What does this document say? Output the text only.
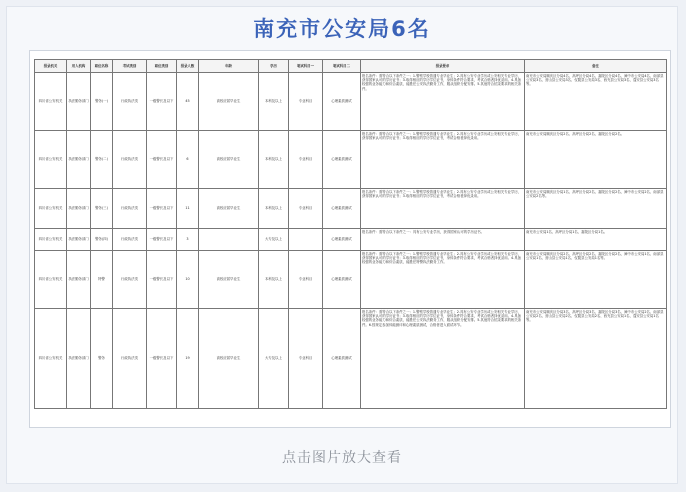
南充市公安局6名
招录机关	用人机构	职位名称	考试类别	职位类别	招录人数	年龄	学历	笔试科目一	笔试科目二	招录要求	备注
四川省公安机关	执法勤务部门	警务(一)	行政执法类	一级警长及以下	45	高校应届毕业生	本科及以上	专业科目	心理素质测试	报名条件：需符合以下条件之一：1.警察学校普通专业毕业生；2.具有公安专业学历或公安相关专业学历，获得国家认可的学历证书；3.取得相应的学历学位证书，身体条件符合要求，考试合格者择优录用。4.具备较强的业务能力和综合素质，能胜任公安执法勤务工作，服从组织分配安排。5.其他符合招录要求的相关条件。	南充市公安局顺庆区分局4名、高坪区分局4名、嘉陵区分局4名、阆中市公安局4名、南部县公安局3名、营山县公安局3名、仪陇县公安局3名、西充县公安局3名、蓬安县公安局3名等。
四川省公安机关	执法勤务部门	警务(二)	行政执法类	一级警长及以下	6	高校应届毕业生	本科及以上	专业科目	心理素质测试	报名条件：需符合以下条件之一：1.警察学校普通专业毕业生；2.具有公安专业学历或公安相关专业学历，获得国家认可的学历证书；3.取得相应的学历学位证书，考试合格者择优录用。	南充市公安局顺庆区分局2名、高坪区分局2名、嘉陵区分局2名。
四川省公安机关	执法勤务部门	警务(三)	行政执法类	一级警长及以下	11	高校应届毕业生	本科及以上	专业科目	心理素质测试	报名条件：需符合以下条件之一：1.警察学校普通专业毕业生；2.具有公安专业学历或公安相关专业学历，获得国家认可的学历证书；3.取得相应的学历学位证书，考试合格者择优录用。	南充市公安局顺庆区分局1名、高坪区分局2名、嘉陵区分局2名、阆中市公安局2名、南部县公安局2名等。
四川省公安机关	执法勤务部门	警务(四)	行政执法类	一级警长及以下	3		大专及以上		心理素质测试	报名条件：需符合以下条件之一：具有公安专业学历，获得国家认可的学历证书。	南充市公安局1名、高坪区分局1名、嘉陵区分局1名。
四川省公安机关	执法勤务部门	特警	行政执法类	一级警长及以下	10	高校应届毕业生	本科及以上	专业科目	心理素质测试	报名条件：需符合以下条件之一：1.警察学校普通专业毕业生；2.具有公安专业学历或公安相关专业学历，获得国家认可的学历证书；3.取得相应的学历学位证书，身体条件符合要求，考试合格者择优录用。4.具备较强的业务能力和综合素质，能胜任特警执法勤务工作。	南充市公安局顺庆区分局2名、高坪区分局2名、嘉陵区分局2名、阆中市公安局1名、南部县公安局1名、营山县公安局1名、仪陇县公安局1名等。
四川省公安机关	执法勤务部门	警务	行政执法类	一级警长及以下	19	高校应届毕业生	大专及以上	专业科目	心理素质测试	报名条件：需符合以下条件之一：1.警察学校普通专业毕业生；2.具有公安专业学历或公安相关专业学历，获得国家认可的学历证书；3.取得相应的学历学位证书，身体条件符合要求，考试合格者择优录用。4.具备较强的业务能力和综合素质，能胜任公安执法勤务工作，服从组织分配安排。5.其他符合招录要求的相关条件。6.按规定参加体能测评和心理素质测试，合格者进入面试环节。	南充市公安局顺庆区分局3名、高坪区分局3名、嘉陵区分局3名、阆中市公安局2名、南部县公安局2名、营山县公安局2名、仪陇县公安局2名、西充县公安局1名、蓬安县公安局1名等。
点击图片放大查看
